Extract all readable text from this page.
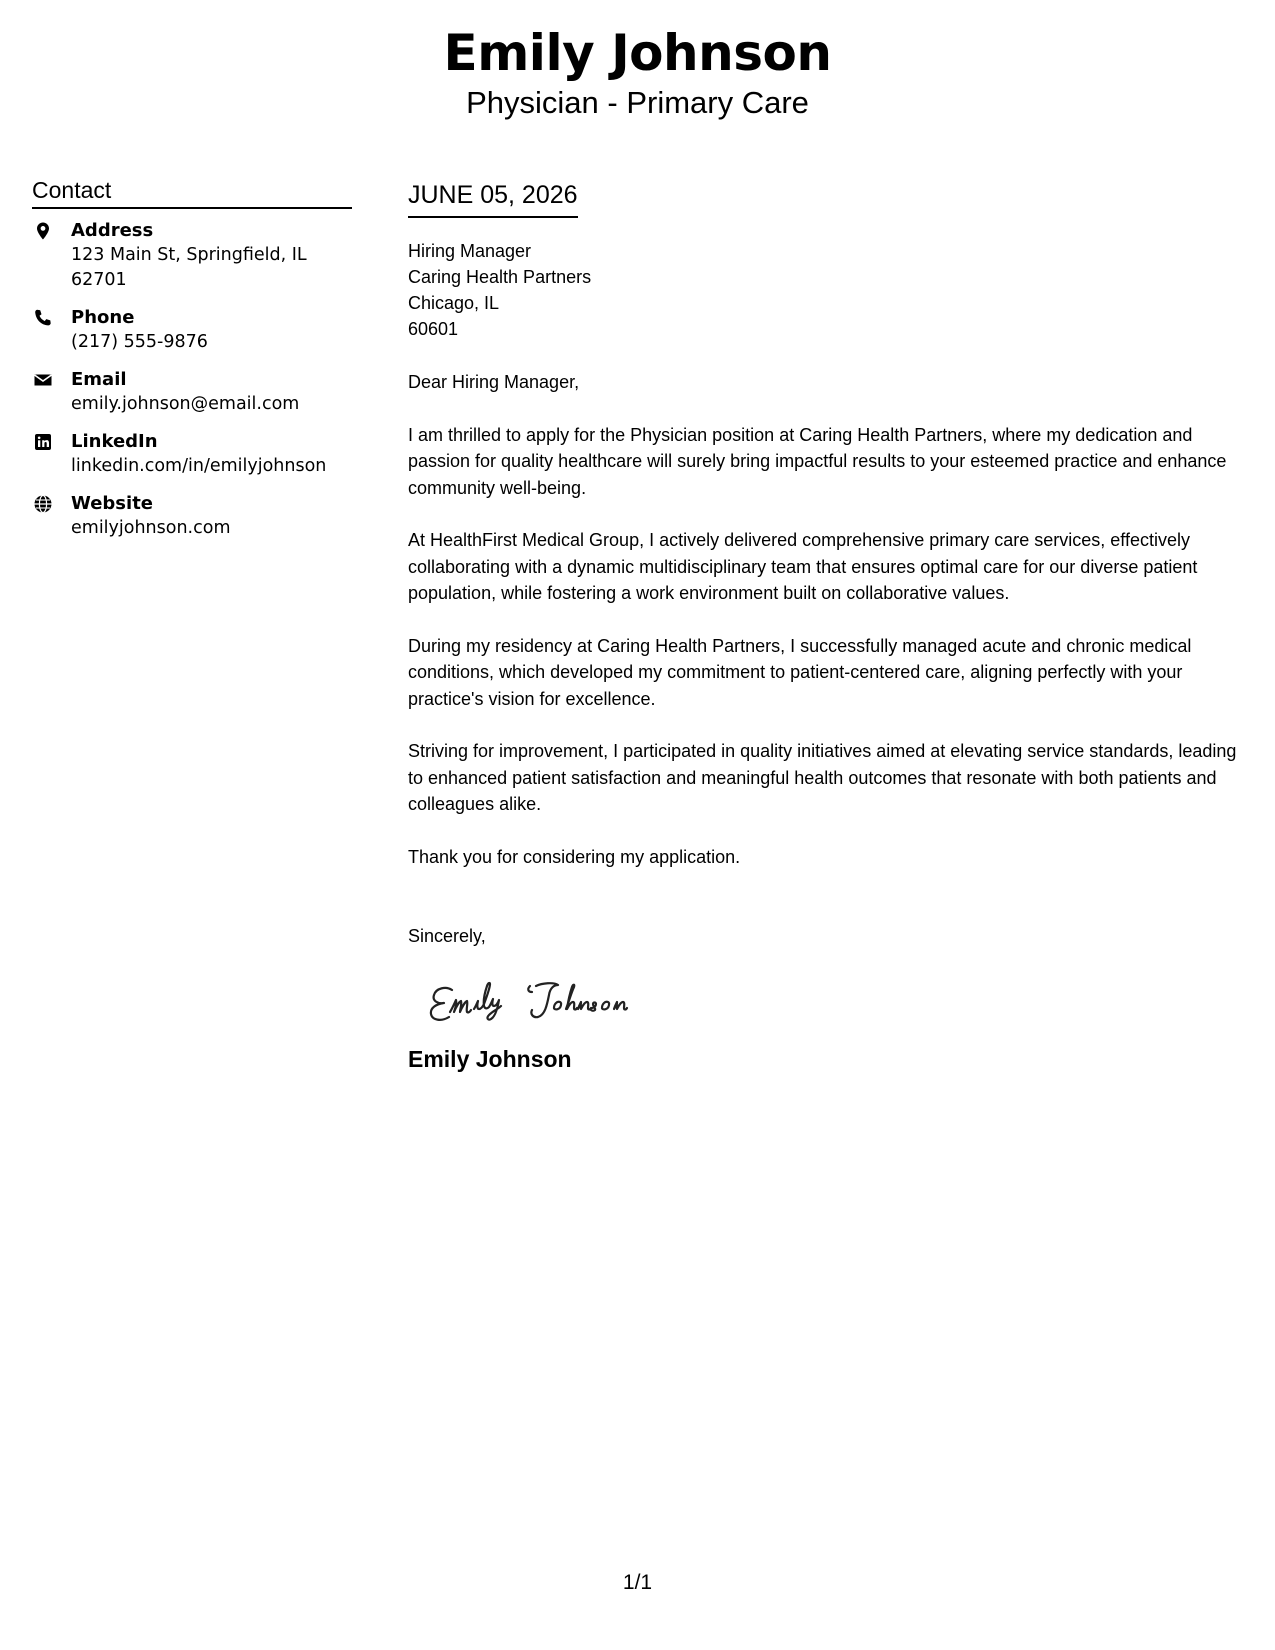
Emily Johnson
Physician - Primary Care
Contact
Address
123 Main St, Springfield, IL 62701
Phone
(217) 555-9876
Email
emily.johnson@email.com
LinkedIn
linkedin.com/in/emilyjohnson
Website
emilyjohnson.com
JUNE 05, 2026
Hiring Manager
Caring Health Partners
Chicago, IL
60601
Dear Hiring Manager,
I am thrilled to apply for the Physician position at Caring Health Partners, where my dedication and passion for quality healthcare will surely bring impactful results to your esteemed practice and enhance community well-being.
At HealthFirst Medical Group, I actively delivered comprehensive primary care services, effectively collaborating with a dynamic multidisciplinary team that ensures optimal care for our diverse patient population, while fostering a work environment built on collaborative values.
During my residency at Caring Health Partners, I successfully managed acute and chronic medical conditions, which developed my commitment to patient-centered care, aligning perfectly with your practice's vision for excellence.
Striving for improvement, I participated in quality initiatives aimed at elevating service standards, leading to enhanced patient satisfaction and meaningful health outcomes that resonate with both patients and colleagues alike.
Thank you for considering my application.
Sincerely,
Emily Johnson
1/1
